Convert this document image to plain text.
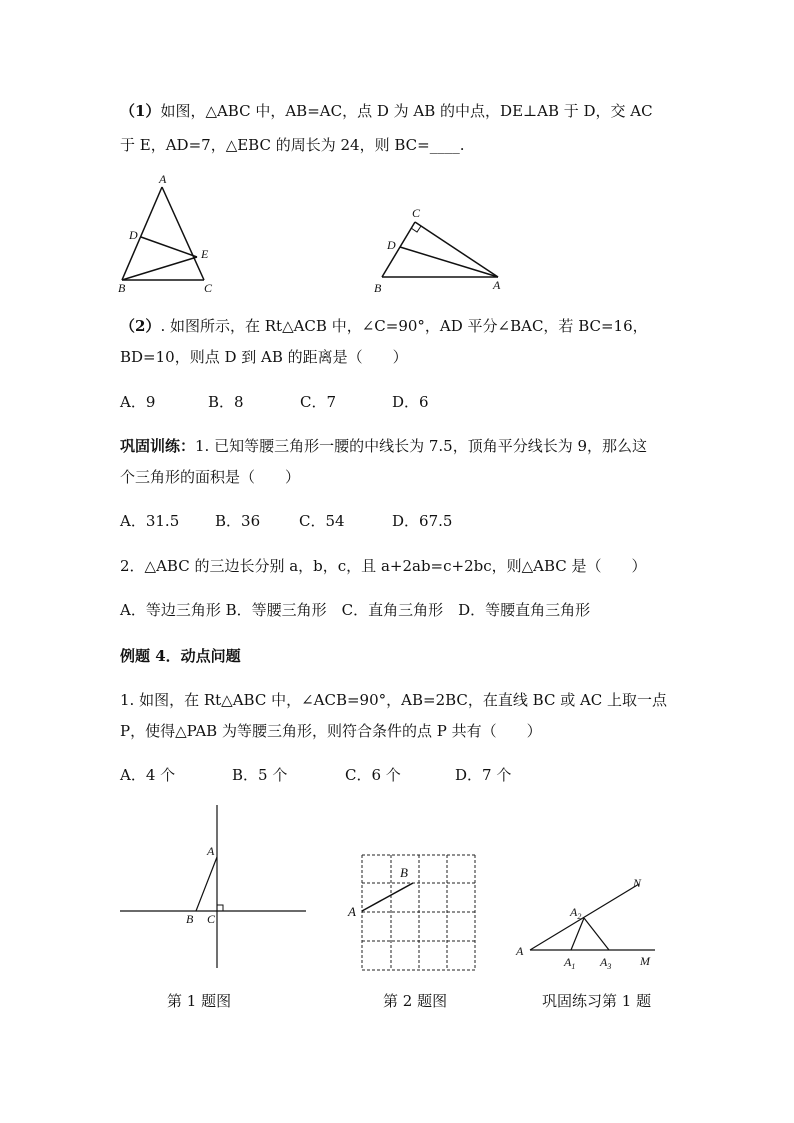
（1）如图，△ABC 中，AB=AC，点 D 为 AB 的中点，DE⊥AB 于 D，交 AC
于 E，AD=7，△EBC 的周长为 24，则 BC=____.
A
D
E
B	C
C
D
B	A
（2）. 如图所示，在 Rt△ACB 中，∠C=90°，AD 平分∠BAC，若 BC=16，
BD=10，则点 D 到 AB 的距离是（　　）
A．9	B．8	C．7	D．6
巩固训练：1. 已知等腰三角形一腰的中线长为 7.5，顶角平分线长为 9，那么这
个三角形的面积是（　　）
A．31.5 B．36	C．54	D．67.5
2．△ABC 的三边长分别 a，b，c，且 a+2ab=c+2bc，则△ABC 是（　　）
A．等边三角形 B．等腰三角形　C．直角三角形　D．等腰直角三角形
例题 4．动点问题
1. 如图，在 Rt△ABC 中，∠ACB=90°，AB=2BC，在直线 BC 或 AC 上取一点
P，使得△PAB 为等腰三角形，则符合条件的点 P 共有（　　）
A．4 个	B．5 个	C．6 个	D．7 个
A
B C	A
B
N
A
M
$A_2$
$A_1$ $A_3$
第 1 题图	第 2 题图	巩固练习第 1 题
